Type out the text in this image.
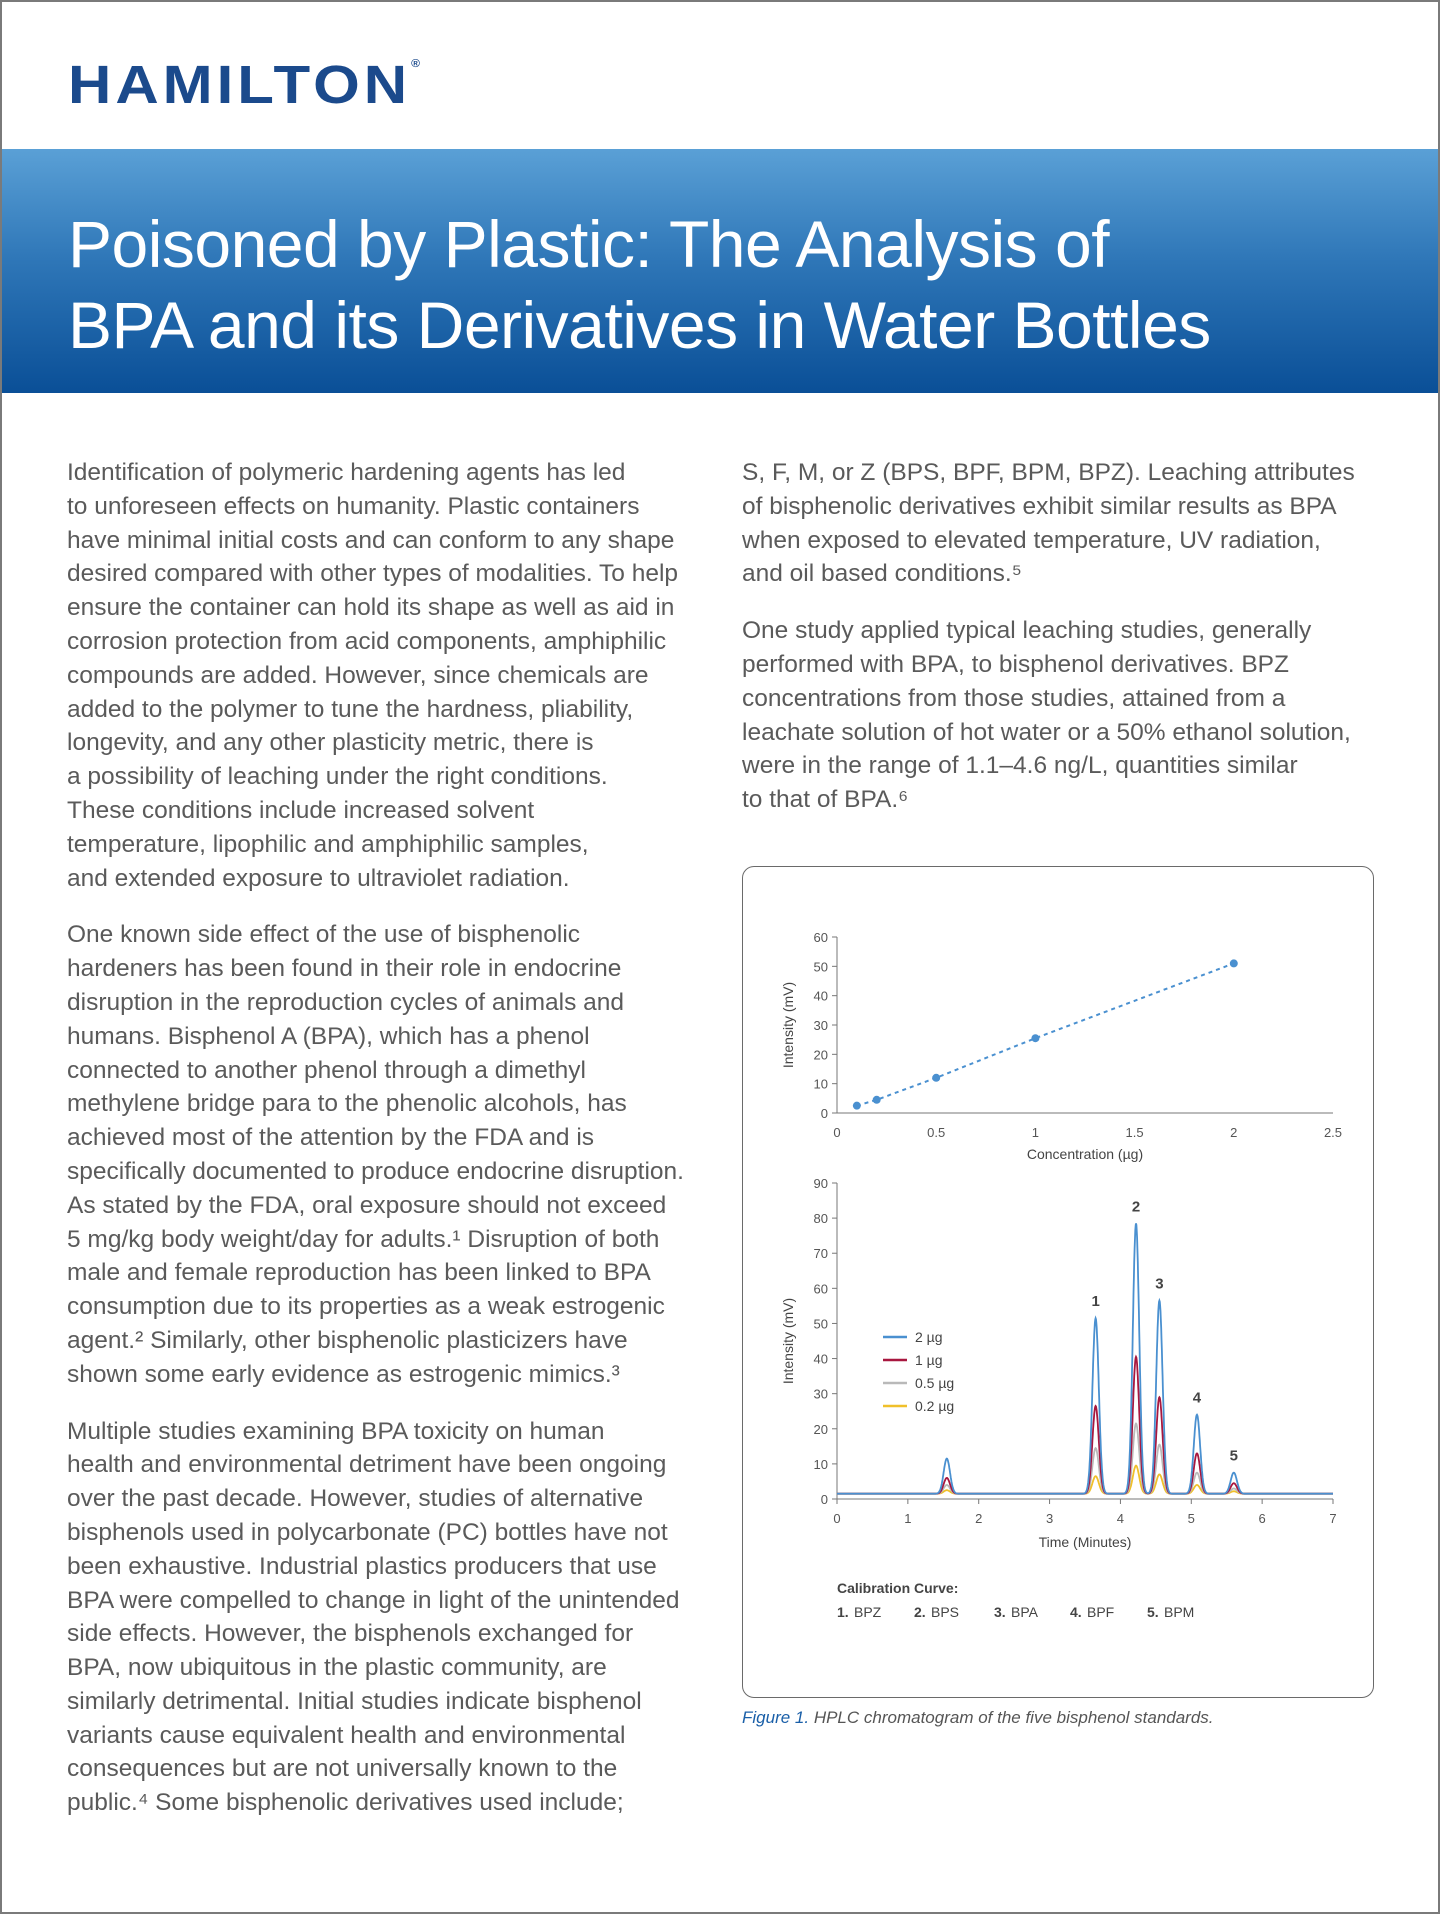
HAMILTON®
Poisoned by Plastic: The Analysis of
BPA and its Derivatives in Water Bottles

Identification of polymeric hardening agents has led
to unforeseen effects on humanity. Plastic containers
have minimal initial costs and can conform to any shape
desired compared with other types of modalities. To help
ensure the container can hold its shape as well as aid in
corrosion protection from acid components, amphiphilic
compounds are added. However, since chemicals are
added to the polymer to tune the hardness, pliability,
longevity, and any other plasticity metric, there is
a possibility of leaching under the right conditions.
These conditions include increased solvent
temperature, lipophilic and amphiphilic samples,
and extended exposure to ultraviolet radiation.

One known side effect of the use of bisphenolic
hardeners has been found in their role in endocrine
disruption in the reproduction cycles of animals and
humans. Bisphenol A (BPA), which has a phenol
connected to another phenol through a dimethyl
methylene bridge para to the phenolic alcohols, has
achieved most of the attention by the FDA and is
specifically documented to produce endocrine disruption.
As stated by the FDA, oral exposure should not exceed
5 mg/kg body weight/day for adults.¹ Disruption of both
male and female reproduction has been linked to BPA
consumption due to its properties as a weak estrogenic
agent.² Similarly, other bisphenolic plasticizers have
shown some early evidence as estrogenic mimics.³

Multiple studies examining BPA toxicity on human
health and environmental detriment have been ongoing
over the past decade. However, studies of alternative
bisphenols used in polycarbonate (PC) bottles have not
been exhaustive. Industrial plastics producers that use
BPA were compelled to change in light of the unintended
side effects. However, the bisphenols exchanged for
BPA, now ubiquitous in the plastic community, are
similarly detrimental. Initial studies indicate bisphenol
variants cause equivalent health and environmental
consequences but are not universally known to the
public.⁴ Some bisphenolic derivatives used include;

S, F, M, or Z (BPS, BPF, BPM, BPZ). Leaching attributes
of bisphenolic derivatives exhibit similar results as BPA
when exposed to elevated temperature, UV radiation,
and oil based conditions.⁵

One study applied typical leaching studies, generally
performed with BPA, to bisphenol derivatives. BPZ
concentrations from those studies, attained from a
leachate solution of hot water or a 50% ethanol solution,
were in the range of 1.1–4.6 ng/L, quantities similar
to that of BPA.⁶

0
10
20
30
40
50
60
0	0.5	1	1.5	2	2.5
Concentration (µg)
Intensity (mV)
0
10
20
30
40
50
60
70
80
90
0	1	2	3	4	5	6	7
Time (Minutes)
Intensity (mV)	1
2
3
4
5
2 µg
1 µg
0.5 µg
0.2 µg
Calibration Curve:
1. BPZ 2. BPS 3. BPA 4. BPF 5. BPM
Figure 1. HPLC chromatogram of the five bisphenol standards.
